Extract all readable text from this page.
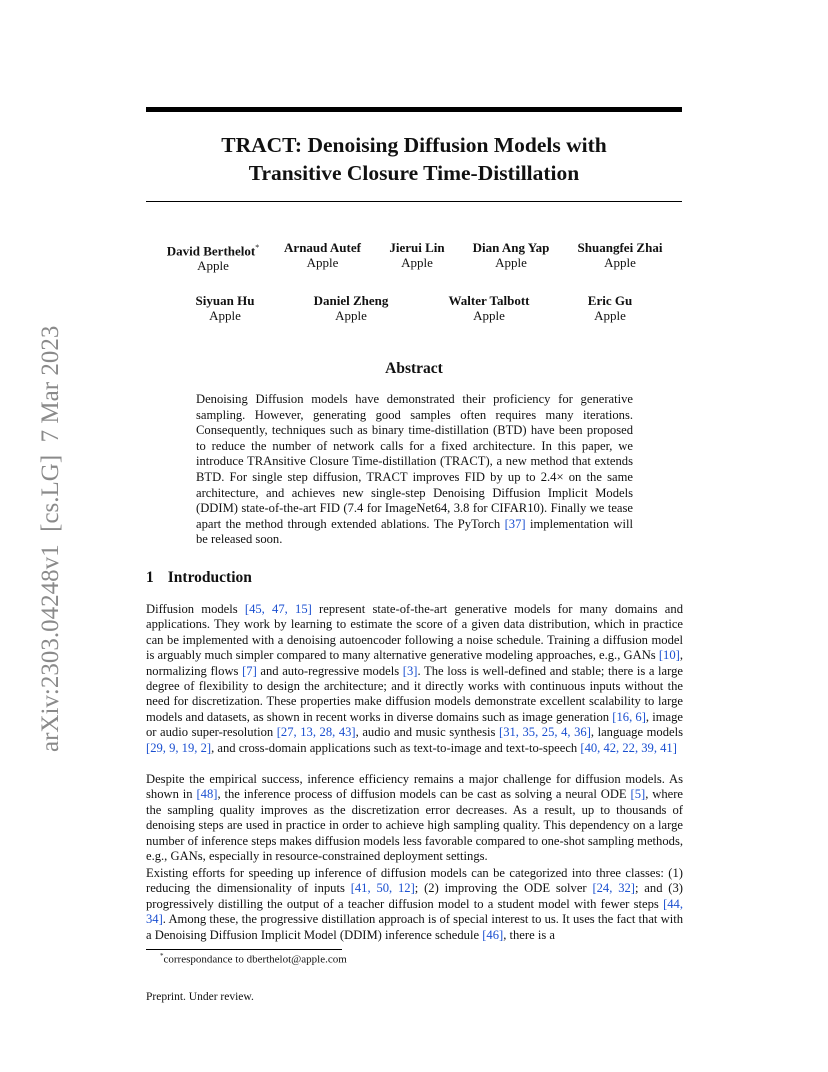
arXiv:2303.04248v1  [cs.LG]  7 Mar 2023
TRACT: Denoising Diffusion Models with
Transitive Closure Time-Distillation
David Berthelot*
Apple
Arnaud Autef
Apple
Jierui Lin
Apple
Dian Ang Yap
Apple
Shuangfei Zhai
Apple
Siyuan Hu
Apple
Daniel Zheng
Apple
Walter Talbott
Apple
Eric Gu
Apple
Abstract
Denoising Diffusion models have demonstrated their proficiency for generative sampling. However, generating good samples often requires many iterations. Consequently, techniques such as binary time-distillation (BTD) have been proposed to reduce the number of network calls for a fixed architecture. In this paper, we introduce TRAnsitive Closure Time-distillation (TRACT), a new method that extends BTD. For single step diffusion, TRACT improves FID by up to 2.4× on the same architecture, and achieves new single-step Denoising Diffusion Implicit Models (DDIM) state-of-the-art FID (7.4 for ImageNet64, 3.8 for CIFAR10). Finally we tease apart the method through extended ablations. The PyTorch [37] implementation will be released soon.
1 Introduction
Diffusion models [45, 47, 15] represent state-of-the-art generative models for many domains and applications. They work by learning to estimate the score of a given data distribution, which in practice can be implemented with a denoising autoencoder following a noise schedule. Training a diffusion model is arguably much simpler compared to many alternative generative modeling approaches, e.g., GANs [10], normalizing flows [7] and auto-regressive models [3]. The loss is well-defined and stable; there is a large degree of flexibility to design the architecture; and it directly works with continuous inputs without the need for discretization. These properties make diffusion models demonstrate excellent scalability to large models and datasets, as shown in recent works in diverse domains such as image generation [16, 6], image or audio super-resolution [27, 13, 28, 43], audio and music synthesis [31, 35, 25, 4, 36], language models [29, 9, 19, 2], and cross-domain applications such as text-to-image and text-to-speech [40, 42, 22, 39, 41]
Despite the empirical success, inference efficiency remains a major challenge for diffusion models. As shown in [48], the inference process of diffusion models can be cast as solving a neural ODE [5], where the sampling quality improves as the discretization error decreases. As a result, up to thousands of denoising steps are used in practice in order to achieve high sampling quality. This dependency on a large number of inference steps makes diffusion models less favorable compared to one-shot sampling methods, e.g., GANs, especially in resource-constrained deployment settings.
Existing efforts for speeding up inference of diffusion models can be categorized into three classes: (1) reducing the dimensionality of inputs [41, 50, 12]; (2) improving the ODE solver [24, 32]; and (3) progressively distilling the output of a teacher diffusion model to a student model with fewer steps [44, 34]. Among these, the progressive distillation approach is of special interest to us. It uses the fact that with a Denoising Diffusion Implicit Model (DDIM) inference schedule [46], there is a
*correspondance to dberthelot@apple.com
Preprint. Under review.
